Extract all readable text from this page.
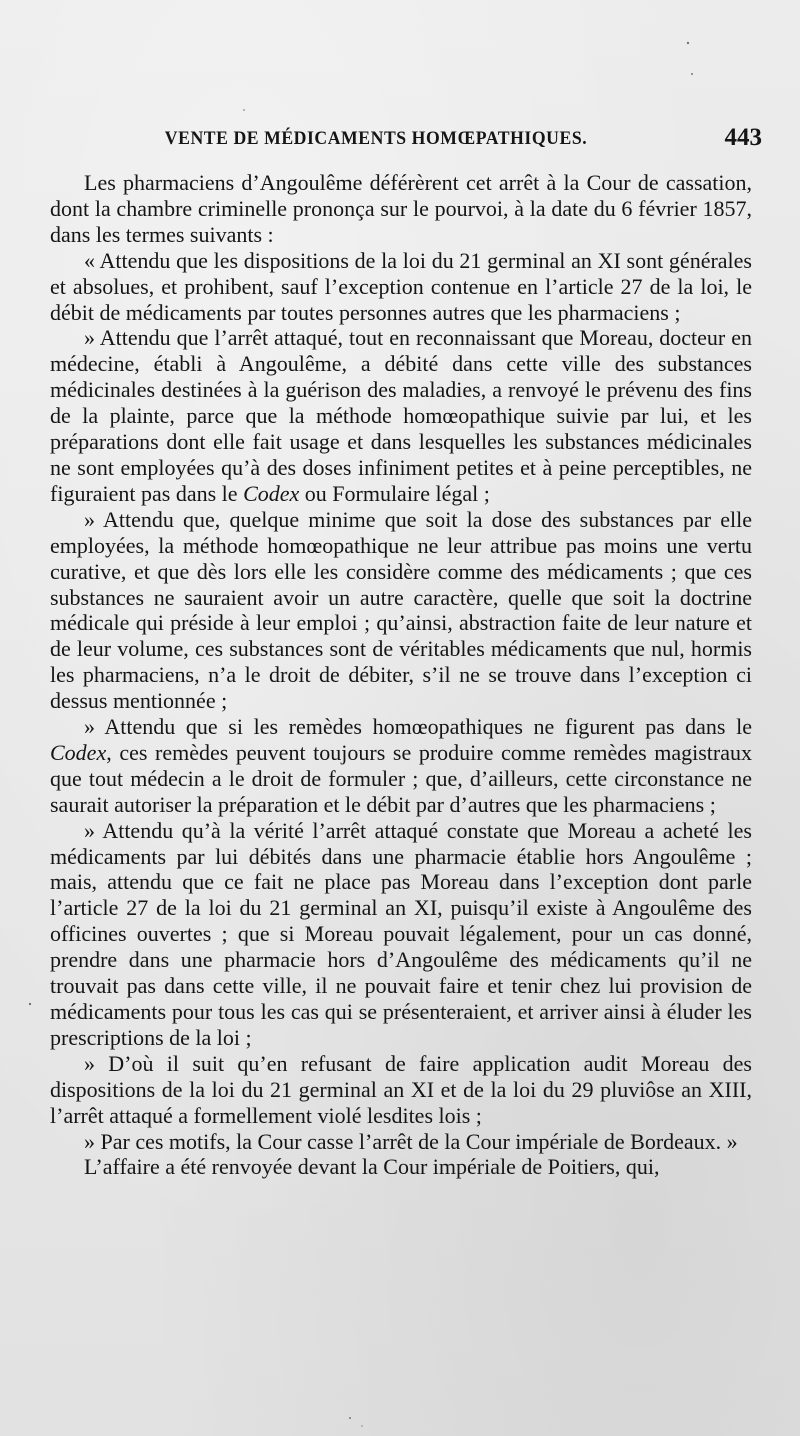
VENTE DE MÉDICAMENTS HOMŒPATHIQUES.	443

Les pharmaciens d’Angoulême déférèrent cet arrêt à la Cour de cassation, dont la chambre criminelle prononça sur le pourvoi, à la date du 6 février 1857, dans les termes suivants :

« Attendu que les dispositions de la loi du 21 germinal an XI sont générales et absolues, et prohibent, sauf l’exception contenue en l’article 27 de la loi, le débit de médicaments par toutes personnes autres que les pharmaciens ;

» Attendu que l’arrêt attaqué, tout en reconnaissant que Moreau, docteur en médecine, établi à Angoulême, a débité dans cette ville des substances médicinales destinées à la guérison des maladies, a renvoyé le prévenu des fins de la plainte, parce que la méthode homœopathique suivie par lui, et les préparations dont elle fait usage et dans lesquelles les substances médicinales ne sont employées qu’à des doses infiniment petites et à peine perceptibles, ne figuraient pas dans le Codex ou Formulaire légal ;

» Attendu que, quelque minime que soit la dose des substances par elle employées, la méthode homœopathique ne leur attribue pas moins une vertu curative, et que dès lors elle les considère comme des médicaments ; que ces substances ne sauraient avoir un autre caractère, quelle que soit la doctrine médicale qui préside à leur emploi ; qu’ainsi, abstraction faite de leur nature et de leur volume, ces substances sont de véritables médicaments que nul, hormis les pharmaciens, n’a le droit de débiter, s’il ne se trouve dans l’exception ci dessus mentionnée ;

» Attendu que si les remèdes homœopathiques ne figurent pas dans le Codex, ces remèdes peuvent toujours se produire comme remèdes magistraux que tout médecin a le droit de formuler ; que, d’ailleurs, cette circonstance ne saurait autoriser la préparation et le débit par d’autres que les pharmaciens ;

» Attendu qu’à la vérité l’arrêt attaqué constate que Moreau a acheté les médicaments par lui débités dans une pharmacie établie hors Angoulême ; mais, attendu que ce fait ne place pas Moreau dans l’exception dont parle l’article 27 de la loi du 21 germinal an XI, puisqu’il existe à Angoulême des officines ouvertes ; que si Moreau pouvait légalement, pour un cas donné, prendre dans une pharmacie hors d’Angoulême des médicaments qu’il ne trouvait pas dans cette ville, il ne pouvait faire et tenir chez lui provision de médicaments pour tous les cas qui se présenteraient, et arriver ainsi à éluder les prescriptions de la loi ;

» D’où il suit qu’en refusant de faire application audit Moreau des dispositions de la loi du 21 germinal an XI et de la loi du 29 pluviôse an XIII, l’arrêt attaqué a formellement violé lesdites lois ;

» Par ces motifs, la Cour casse l’arrêt de la Cour impériale de Bordeaux. »

L’affaire a été renvoyée devant la Cour impériale de Poitiers, qui,
